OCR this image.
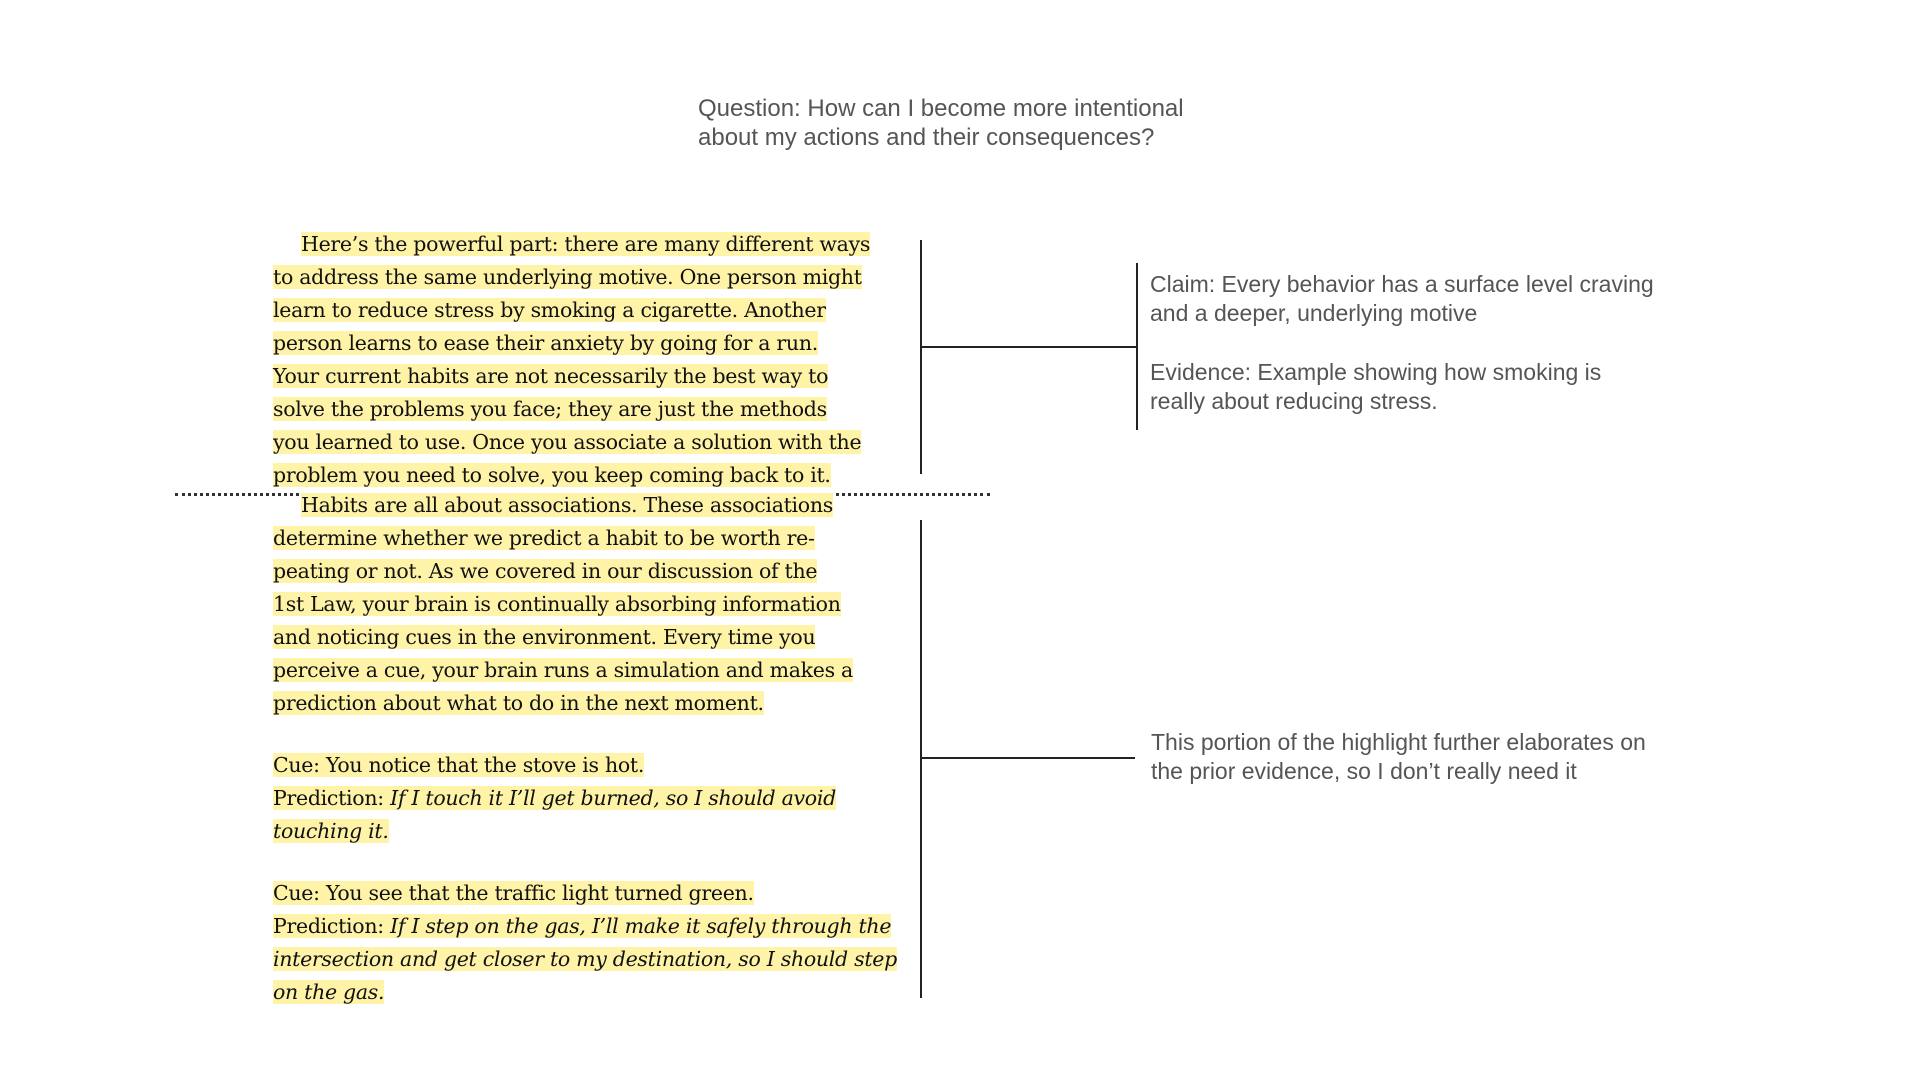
Question: How can I become more intentional
about my actions and their consequences?
Here’s the powerful part: there are many different ways
to address the same underlying motive. One person might
learn to reduce stress by smoking a cigarette. Another
person learns to ease their anxiety by going for a run.
Your current habits are not necessarily the best way to
solve the problems you face; they are just the methods
you learned to use. Once you associate a solution with the
problem you need to solve, you keep coming back to it.
Habits are all about associations. These associations
determine whether we predict a habit to be worth re-
peating or not. As we covered in our discussion of the
1st Law, your brain is continually absorbing information
and noticing cues in the environment. Every time you
perceive a cue, your brain runs a simulation and makes a
prediction about what to do in the next moment.
Cue: You notice that the stove is hot.
Prediction: If I touch it I’ll get burned, so I should avoid
touching it.
Cue: You see that the traffic light turned green.
Prediction: If I step on the gas, I’ll make it safely through the
intersection and get closer to my destination, so I should step
on the gas.
Claim: Every behavior has a surface level craving
and a deeper, underlying motive
Evidence: Example showing how smoking is
really about reducing stress.
This portion of the highlight further elaborates on
the prior evidence, so I don’t really need it
